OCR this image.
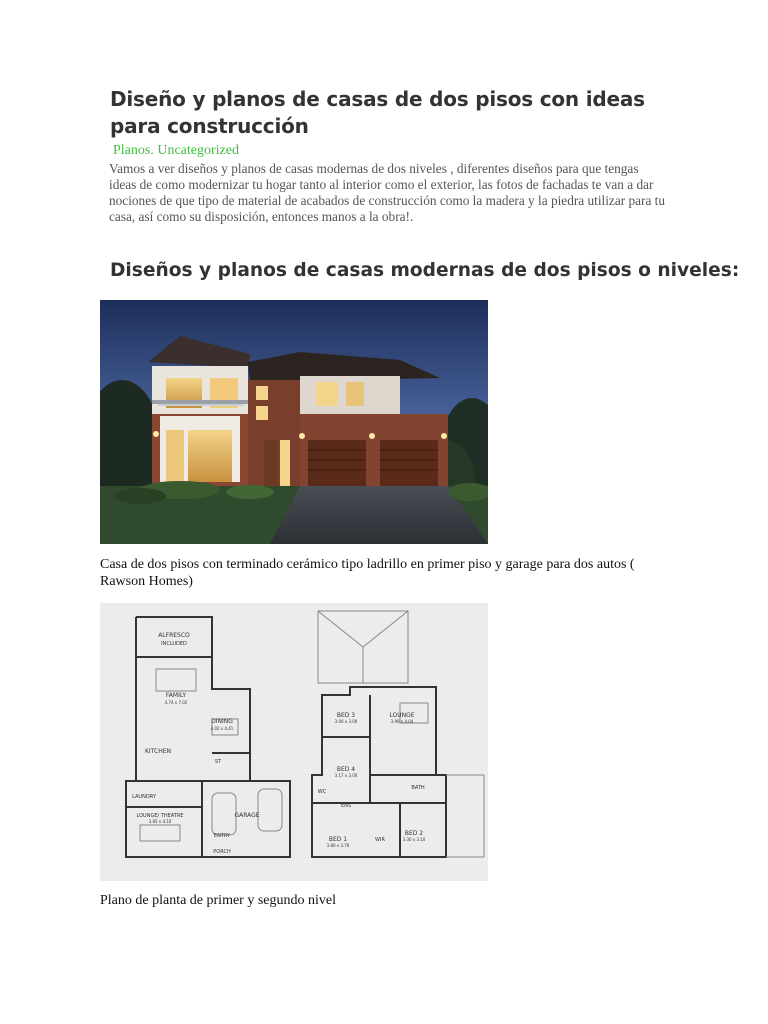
Diseño y planos de casas de dos pisos con ideas para construcción
Planos. Uncategorized

Vamos a ver diseños y planos de casas modernas de dos niveles , diferentes diseños para que tengas ideas de como modernizar tu hogar tanto al interior como el exterior, las fotos de fachadas te van a dar nociones de que tipo de material de acabados de construcción como la madera y la piedra utilizar para tu casa, así como su disposición, entonces manos a la obra!.

Diseños y planos de casas modernas de dos pisos o niveles:

Casa de dos pisos con terminado cerámico tipo ladrillo en primer piso y garage para dos autos ( Rawson Homes)

ALFRESCO
INCLUDED
FAMILY
4.74 x 7.02
DINING
4.02 x 4.41
KITCHEN
LAUNDRY
LOUNGE/ THEATRE
3.85 x 4.10
ENTRY
PORCH
GARAGE
ST
BED 3
3.00 x 3.00
BED 4
3.17 x 3.00
BED 1
3.80 x 3.76
BED 2
3.30 x 3.10
LOUNGE
3.90 x 4.04
BATH
ENS
WIR
WC

Plano de planta de primer y segundo nivel
